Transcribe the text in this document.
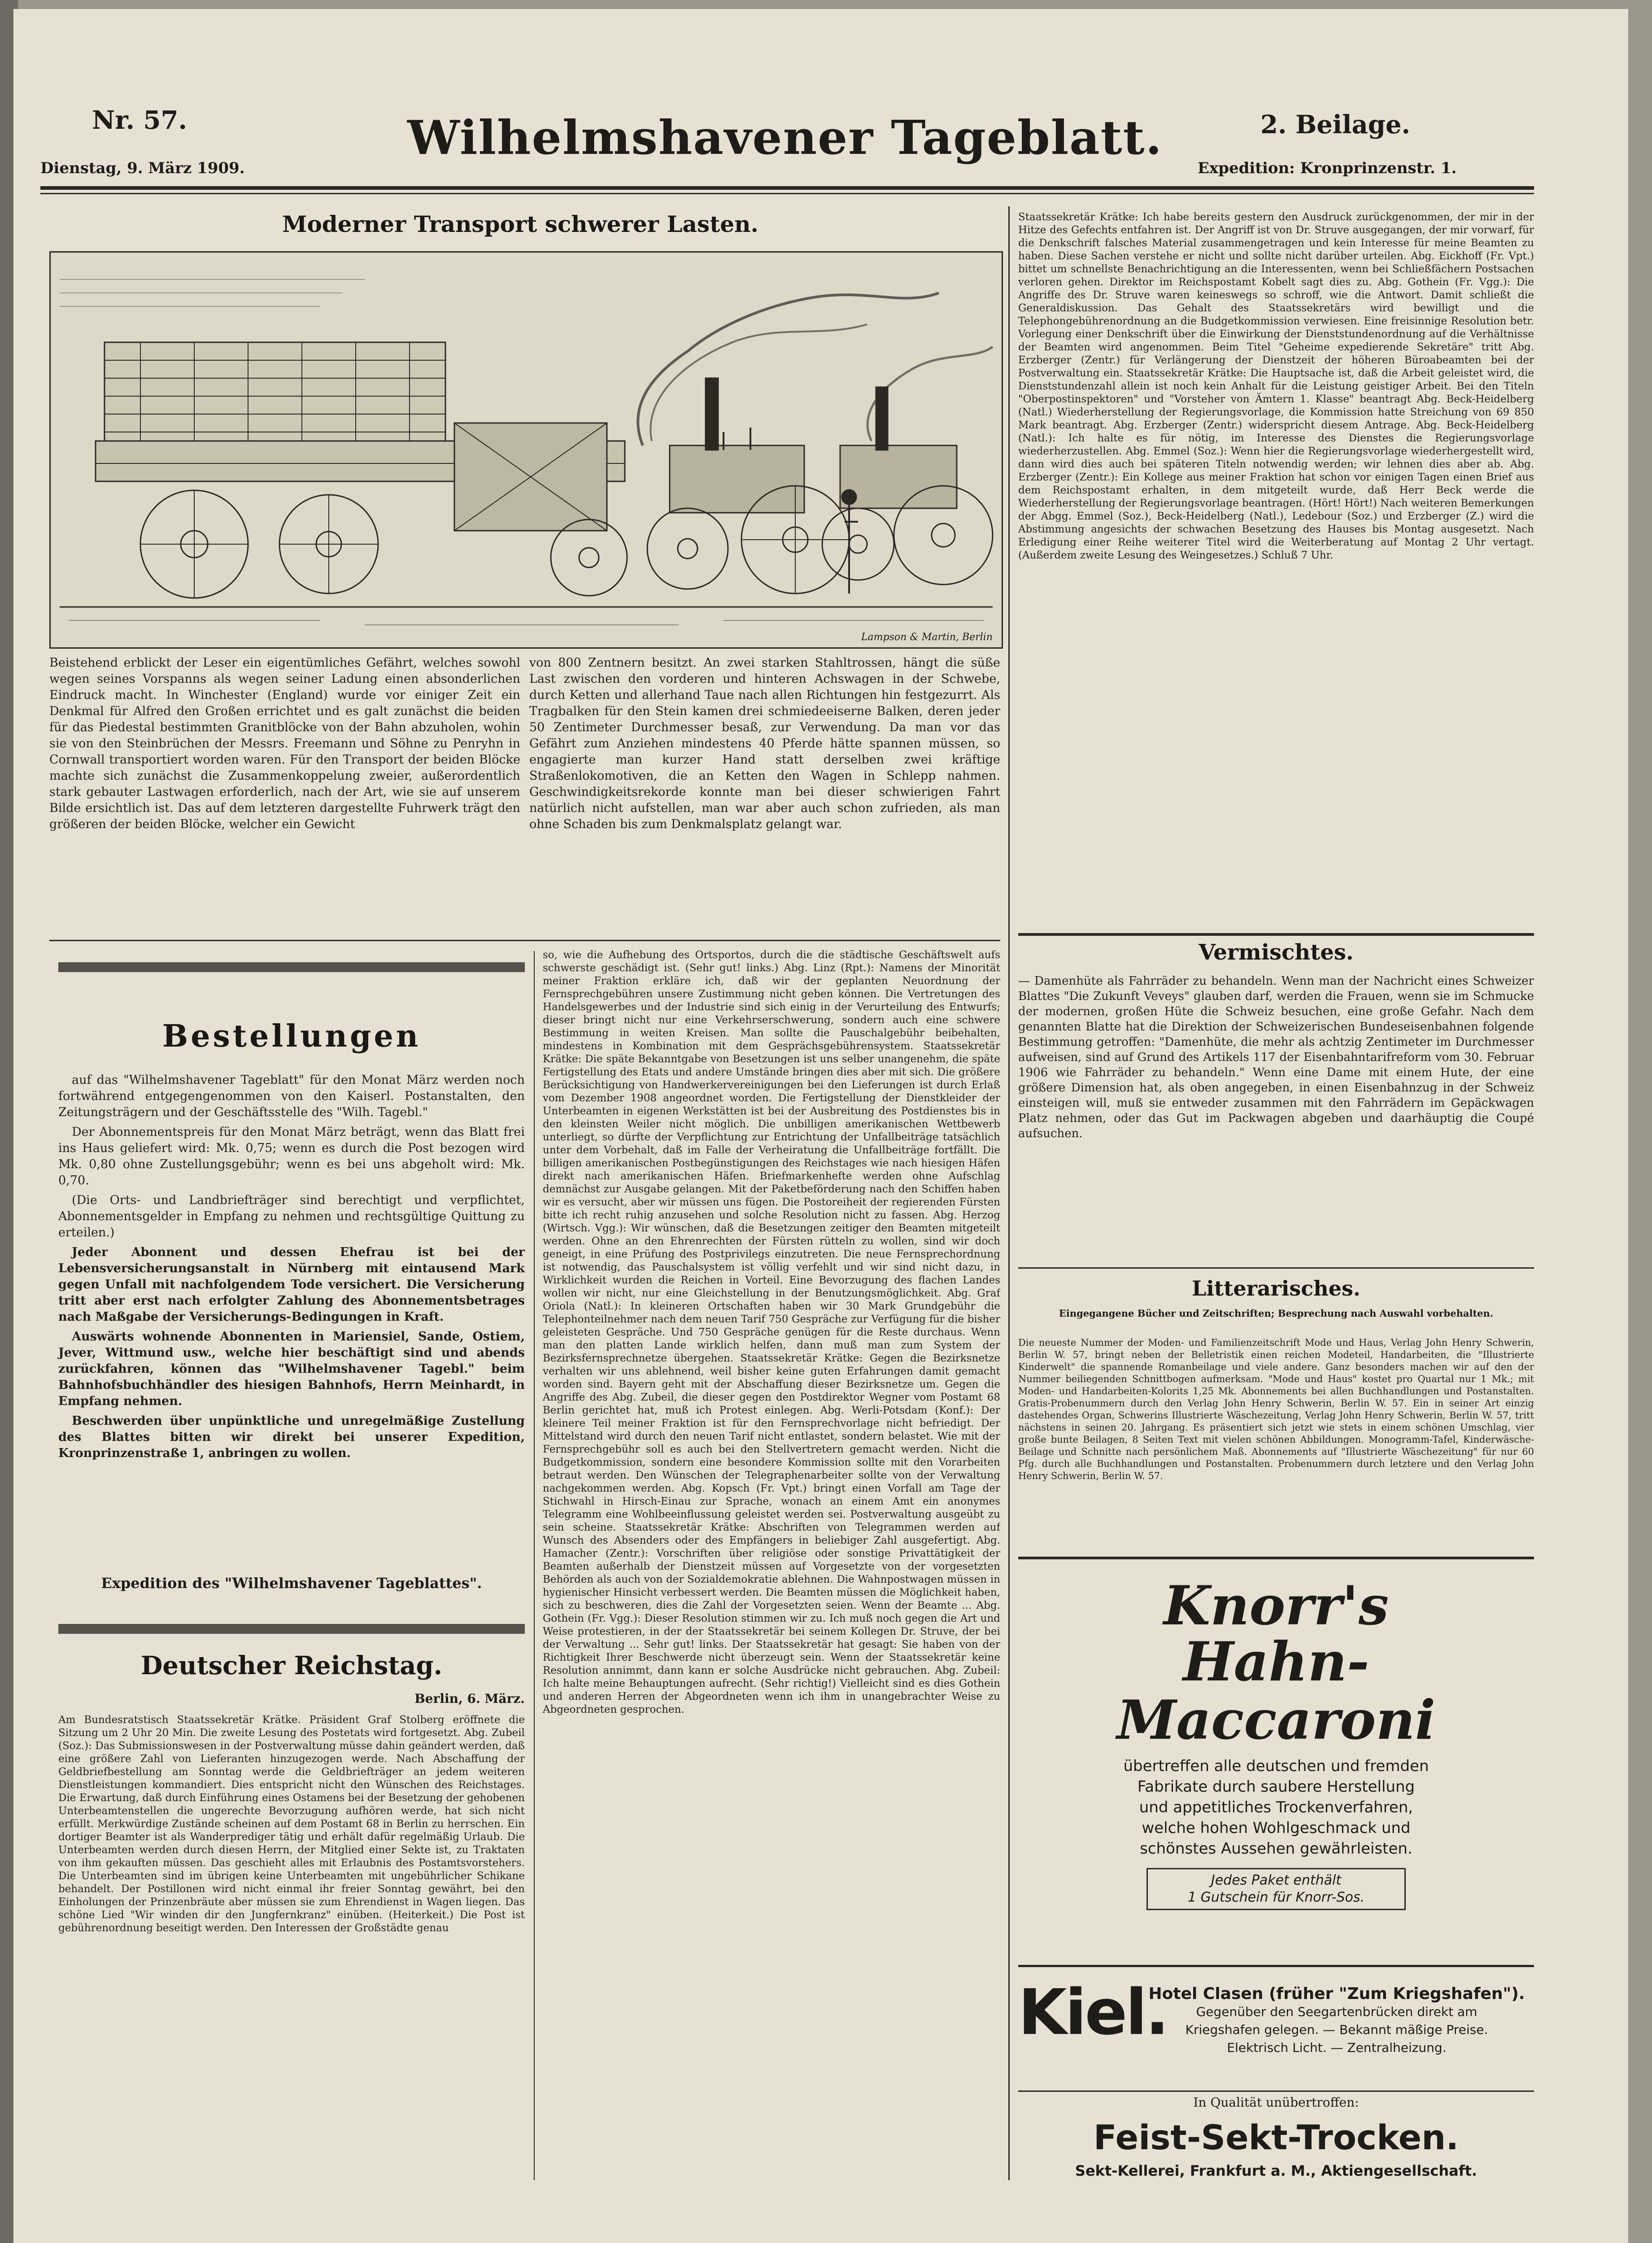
Nr. 57.
Dienstag, 9. März 1909.
Wilhelmshavener Tageblatt.	2. Beilage.
Expedition: Kronprinzenstr. 1.
Moderner Transport schwerer Lasten.
Lampson & Martin, Berlin
Beistehend erblickt der Leser ein eigentümliches Gefährt, welches sowohl wegen seines Vorspanns als wegen seiner Ladung einen absonderlichen Eindruck macht. In Winchester (England) wurde vor einiger Zeit ein Denkmal für Alfred den Großen errichtet und es galt zunächst die beiden für das Piedestal bestimmten Granitblöcke von der Bahn abzuholen, wohin sie von den Steinbrüchen der Messrs. Freemann und Söhne zu Penryhn in Cornwall transportiert worden waren. Für den Transport der beiden Blöcke machte sich zunächst die Zusammenkoppelung zweier, außerordentlich stark gebauter Lastwagen erforderlich, nach der Art, wie sie auf unserem Bilde ersichtlich ist. Das auf dem letzteren dargestellte Fuhrwerk trägt den größeren der beiden Blöcke, welcher ein Gewicht
von 800 Zentnern besitzt. An zwei starken Stahltrossen, hängt die süße Last zwischen den vorderen und hinteren Achswagen in der Schwebe, durch Ketten und allerhand Taue nach allen Richtungen hin festgezurrt. Als Tragbalken für den Stein kamen drei schmiedeeiserne Balken, deren jeder 50 Zentimeter Durchmesser besaß, zur Verwendung. Da man vor das Gefährt zum Anziehen mindestens 40 Pferde hätte spannen müssen, so engagierte man kurzer Hand statt derselben zwei kräftige Straßenlokomotiven, die an Ketten den Wagen in Schlepp nahmen. Geschwindigkeitsrekorde konnte man bei dieser schwierigen Fahrt natürlich nicht aufstellen, man war aber auch schon zufrieden, als man ohne Schaden bis zum Denkmalsplatz gelangt war.
Bestellungen

auf das "Wilhelmshavener Tageblatt" für den Monat März werden noch fortwährend entgegengenommen von den Kaiserl. Postanstalten, den Zeitungsträgern und der Geschäftsstelle des "Wilh. Tagebl."

Der Abonnementspreis für den Monat März beträgt, wenn das Blatt frei ins Haus geliefert wird: Mk. 0,75; wenn es durch die Post bezogen wird Mk. 0,80 ohne Zustellungsgebühr; wenn es bei uns abgeholt wird: Mk. 0,70.

(Die Orts- und Landbriefträger sind berechtigt und verpflichtet, Abonnementsgelder in Empfang zu nehmen und rechtsgültige Quittung zu erteilen.)

Jeder Abonnent und dessen Ehefrau ist bei der Lebensversicherungsanstalt in Nürnberg mit eintausend Mark gegen Unfall mit nachfolgendem Tode versichert. Die Versicherung tritt aber erst nach erfolgter Zahlung des Abonnementsbetrages nach Maßgabe der Versicherungs-Bedingungen in Kraft.

Auswärts wohnende Abonnenten in Mariensiel, Sande, Ostiem, Jever, Wittmund usw., welche hier beschäftigt sind und abends zurückfahren, können das "Wilhelmshavener Tagebl." beim Bahnhofsbuchhändler des hiesigen Bahnhofs, Herrn Meinhardt, in Empfang nehmen.

Beschwerden über unpünktliche und unregelmäßige Zustellung des Blattes bitten wir direkt bei unserer Expedition, Kronprinzenstraße 1, anbringen zu wollen.

Expedition des "Wilhelmshavener Tageblattes".
Deutscher Reichstag.
Berlin, 6. März.
Am Bundesratstisch Staatssekretär Krätke. Präsident Graf Stolberg eröffnete die Sitzung um 2 Uhr 20 Min. Die zweite Lesung des Postetats wird fortgesetzt. Abg. Zubeil (Soz.): Das Submissionswesen in der Postverwaltung müsse dahin geändert werden, daß eine größere Zahl von Lieferanten hinzugezogen werde. Nach Abschaffung der Geldbriefbestellung am Sonntag werde die Geldbriefträger an jedem weiteren Dienstleistungen kommandiert. Dies entspricht nicht den Wünschen des Reichstages. Die Erwartung, daß durch Einführung eines Ostamens bei der Besetzung der gehobenen Unterbeamtenstellen die ungerechte Bevorzugung aufhören werde, hat sich nicht erfüllt. Merkwürdige Zustände scheinen auf dem Postamt 68 in Berlin zu herrschen. Ein dortiger Beamter ist als Wanderprediger tätig und erhält dafür regelmäßig Urlaub. Die Unterbeamten werden durch diesen Herrn, der Mitglied einer Sekte ist, zu Traktaten von ihm gekauften müssen. Das geschieht alles mit Erlaubnis des Postamtsvorstehers. Die Unterbeamten sind im übrigen keine Unterbeamten mit ungebührlicher Schikane behandelt. Der Postillonen wird nicht einmal ihr freier Sonntag gewährt, bei den Einholungen der Prinzenbräute aber müssen sie zum Ehrendienst in Wagen liegen. Das schöne Lied "Wir winden dir den Jungfernkranz" einüben. (Heiterkeit.) Die Post ist gebührenordnung beseitigt werden. Den Interessen der Großstädte genau
so, wie die Aufhebung des Ortsportos, durch die die städtische Geschäftswelt aufs schwerste geschädigt ist. (Sehr gut! links.) Abg. Linz (Rpt.): Namens der Minorität meiner Fraktion erkläre ich, daß wir der geplanten Neuordnung der Fernsprechgebühren unsere Zustimmung nicht geben können. Die Vertretungen des Handelsgewerbes und der Industrie sind sich einig in der Verurteilung des Entwurfs; dieser bringt nicht nur eine Verkehrserschwerung, sondern auch eine schwere Bestimmung in weiten Kreisen. Man sollte die Pauschalgebühr beibehalten, mindestens in Kombination mit dem Gesprächsgebührensystem. Staatssekretär Krätke: Die späte Bekanntgabe von Besetzungen ist uns selber unangenehm, die späte Fertigstellung des Etats und andere Umstände bringen dies aber mit sich. Die größere Berücksichtigung von Handwerkervereinigungen bei den Lieferungen ist durch Erlaß vom Dezember 1908 angeordnet worden. Die Fertigstellung der Dienstkleider der Unterbeamten in eigenen Werkstätten ist bei der Ausbreitung des Postdienstes bis in den kleinsten Weiler nicht möglich. Die unbilligen amerikanischen Wettbewerb unterliegt, so dürfte der Verpflichtung zur Entrichtung der Unfallbeiträge tatsächlich unter dem Vorbehalt, daß im Falle der Verheiratung die Unfallbeiträge fortfällt. Die billigen amerikanischen Postbegünstigungen des Reichstages wie nach hiesigen Häfen direkt nach amerikanischen Häfen. Briefmarkenhefte werden ohne Aufschlag demnächst zur Ausgabe gelangen. Mit der Paketbeförderung nach den Schiffen haben wir es versucht, aber wir müssen uns fügen. Die Postoreiheit der regierenden Fürsten bitte ich recht ruhig anzusehen und solche Resolution nicht zu fassen. Abg. Herzog (Wirtsch. Vgg.): Wir wünschen, daß die Besetzungen zeitiger den Beamten mitgeteilt werden. Ohne an den Ehrenrechten der Fürsten rütteln zu wollen, sind wir doch geneigt, in eine Prüfung des Postprivilegs einzutreten. Die neue Fernsprechordnung ist notwendig, das Pauschalsystem ist völlig verfehlt und wir sind nicht dazu, in Wirklichkeit wurden die Reichen in Vorteil. Eine Bevorzugung des flachen Landes wollen wir nicht, nur eine Gleichstellung in der Benutzungsmöglichkeit. Abg. Graf Oriola (Natl.): In kleineren Ortschaften haben wir 30 Mark Grundgebühr die Telephonteilnehmer nach dem neuen Tarif 750 Gespräche zur Verfügung für die bisher geleisteten Gespräche. Und 750 Gespräche genügen für die Reste durchaus. Wenn man den platten Lande wirklich helfen, dann muß man zum System der Bezirksfernsprechnetze übergehen. Staatssekretär Krätke: Gegen die Bezirksnetze verhalten wir uns ablehnend, weil bisher keine guten Erfahrungen damit gemacht worden sind. Bayern geht mit der Abschaffung dieser Bezirksnetze um. Gegen die Angriffe des Abg. Zubeil, die dieser gegen den Postdirektor Wegner vom Postamt 68 Berlin gerichtet hat, muß ich Protest einlegen. Abg. Werli-Potsdam (Konf.): Der kleinere Teil meiner Fraktion ist für den Fernsprechvorlage nicht befriedigt. Der Mittelstand wird durch den neuen Tarif nicht entlastet, sondern belastet. Wie mit der Fernsprechgebühr soll es auch bei den Stellvertretern gemacht werden. Nicht die Budgetkommission, sondern eine besondere Kommission sollte mit den Vorarbeiten betraut werden. Den Wünschen der Telegraphenarbeiter sollte von der Verwaltung nachgekommen werden. Abg. Kopsch (Fr. Vpt.) bringt einen Vorfall am Tage der Stichwahl in Hirsch-Einau zur Sprache, wonach an einem Amt ein anonymes Telegramm eine Wohlbeeinflussung geleistet werden sei. Postverwaltung ausgeübt zu sein scheine. Staatssekretär Krätke: Abschriften von Telegrammen werden auf Wunsch des Absenders oder des Empfängers in beliebiger Zahl ausgefertigt. Abg. Hamacher (Zentr.): Vorschriften über religiöse oder sonstige Privattätigkeit der Beamten außerhalb der Dienstzeit müssen auf Vorgesetzte von der vorgesetzten Behörden als auch von der Sozialdemokratie ablehnen. Die Wahnpostwagen müssen in hygienischer Hinsicht verbessert werden. Die Beamten müssen die Möglichkeit haben, sich zu beschweren, dies die Zahl der Vorgesetzten seien. Wenn der Beamte ... Abg. Gothein (Fr. Vgg.): Dieser Resolution stimmen wir zu. Ich muß noch gegen die Art und Weise protestieren, in der der Staatssekretär bei seinem Kollegen Dr. Struve, der bei der Verwaltung ... Sehr gut! links. Der Staatssekretär hat gesagt: Sie haben von der Richtigkeit Ihrer Beschwerde nicht überzeugt sein. Wenn der Staatssekretär keine Resolution annimmt, dann kann er solche Ausdrücke nicht gebrauchen. Abg. Zubeil: Ich halte meine Behauptungen aufrecht. (Sehr richtig!) Vielleicht sind es dies Gothein und anderen Herren der Abgeordneten wenn ich ihm in unangebrachter Weise zu Abgeordneten gesprochen.
Staatssekretär Krätke: Ich habe bereits gestern den Ausdruck zurückgenommen, der mir in der Hitze des Gefechts entfahren ist. Der Angriff ist von Dr. Struve ausgegangen, der mir vorwarf, für die Denkschrift falsches Material zusammengetragen und kein Interesse für meine Beamten zu haben. Diese Sachen verstehe er nicht und sollte nicht darüber urteilen. Abg. Eickhoff (Fr. Vpt.) bittet um schnellste Benachrichtigung an die Interessenten, wenn bei Schließfächern Postsachen verloren gehen. Direktor im Reichspostamt Kobelt sagt dies zu. Abg. Gothein (Fr. Vgg.): Die Angriffe des Dr. Struve waren keineswegs so schroff, wie die Antwort. Damit schließt die Generaldiskussion. Das Gehalt des Staatssekretärs wird bewilligt und die Telephongebührenordnung an die Budgetkommission verwiesen. Eine freisinnige Resolution betr. Vorlegung einer Denkschrift über die Einwirkung der Dienststundenordnung auf die Verhältnisse der Beamten wird angenommen. Beim Titel "Geheime expedierende Sekretäre" tritt Abg. Erzberger (Zentr.) für Verlängerung der Dienstzeit der höheren Büroabeamten bei der Postverwaltung ein. Staatssekretär Krätke: Die Hauptsache ist, daß die Arbeit geleistet wird, die Dienststundenzahl allein ist noch kein Anhalt für die Leistung geistiger Arbeit. Bei den Titeln "Oberpostinspektoren" und "Vorsteher von Ämtern 1. Klasse" beantragt Abg. Beck-Heidelberg (Natl.) Wiederherstellung der Regierungsvorlage, die Kommission hatte Streichung von 69 850 Mark beantragt. Abg. Erzberger (Zentr.) widerspricht diesem Antrage. Abg. Beck-Heidelberg (Natl.): Ich halte es für nötig, im Interesse des Dienstes die Regierungsvorlage wiederherzustellen. Abg. Emmel (Soz.): Wenn hier die Regierungsvorlage wiederhergestellt wird, dann wird dies auch bei späteren Titeln notwendig werden; wir lehnen dies aber ab. Abg. Erzberger (Zentr.): Ein Kollege aus meiner Fraktion hat schon vor einigen Tagen einen Brief aus dem Reichspostamt erhalten, in dem mitgeteilt wurde, daß Herr Beck werde die Wiederherstellung der Regierungsvorlage beantragen. (Hört! Hört!) Nach weiteren Bemerkungen der Abgg. Emmel (Soz.), Beck-Heidelberg (Natl.), Ledebour (Soz.) und Erzberger (Z.) wird die Abstimmung angesichts der schwachen Besetzung des Hauses bis Montag ausgesetzt. Nach Erledigung einer Reihe weiterer Titel wird die Weiterberatung auf Montag 2 Uhr vertagt. (Außerdem zweite Lesung des Weingesetzes.) Schluß 7 Uhr.
Vermischtes.
— Damenhüte als Fahrräder zu behandeln. Wenn man der Nachricht eines Schweizer Blattes "Die Zukunft Veveys" glauben darf, werden die Frauen, wenn sie im Schmucke der modernen, großen Hüte die Schweiz besuchen, eine große Gefahr. Nach dem genannten Blatte hat die Direktion der Schweizerischen Bundeseisenbahnen folgende Bestimmung getroffen: "Damenhüte, die mehr als achtzig Zentimeter im Durchmesser aufweisen, sind auf Grund des Artikels 117 der Eisenbahntarifreform vom 30. Februar 1906 wie Fahrräder zu behandeln." Wenn eine Dame mit einem Hute, der eine größere Dimension hat, als oben angegeben, in einen Eisenbahnzug in der Schweiz einsteigen will, muß sie entweder zusammen mit den Fahrrädern im Gepäckwagen Platz nehmen, oder das Gut im Packwagen abgeben und daarhäuptig die Coupé aufsuchen.
Litterarisches.
Eingegangene Bücher und Zeitschriften; Besprechung nach Auswahl vorbehalten.
Die neueste Nummer der Moden- und Familienzeitschrift Mode und Haus, Verlag John Henry Schwerin, Berlin W. 57, bringt neben der Belletristik einen reichen Modeteil, Handarbeiten, die "Illustrierte Kinderwelt" die spannende Romanbeilage und viele andere. Ganz besonders machen wir auf den der Nummer beiliegenden Schnittbogen aufmerksam. "Mode und Haus" kostet pro Quartal nur 1 Mk.; mit Moden- und Handarbeiten-Kolorits 1,25 Mk. Abonnements bei allen Buchhandlungen und Postanstalten. Gratis-Probenummern durch den Verlag John Henry Schwerin, Berlin W. 57. Ein in seiner Art einzig dastehendes Organ, Schwerins Illustrierte Wäschezeitung, Verlag John Henry Schwerin, Berlin W. 57, tritt nächstens in seinen 20. Jahrgang. Es präsentiert sich jetzt wie stets in einem schönen Umschlag, vier große bunte Beilagen, 8 Seiten Text mit vielen schönen Abbildungen. Monogramm-Tafel, Kinderwäsche-Beilage und Schnitte nach persönlichem Maß. Abonnements auf "Illustrierte Wäschezeitung" für nur 60 Pfg. durch alle Buchhandlungen und Postanstalten. Probenummern durch letztere und den Verlag John Henry Schwerin, Berlin W. 57.
Knorr's
Hahn-
Maccaroni
übertreffen alle deutschen und fremden
Fabrikate durch saubere Herstellung
und appetitliches Trockenverfahren,
welche hohen Wohlgeschmack und
schönstes Aussehen gewährleisten.
Jedes Paket enthält
1 Gutschein für Knorr-Sos.
Kiel.
Hotel Clasen (früher "Zum Kriegshafen").
Gegenüber den Seegartenbrücken direkt am
Kriegshafen gelegen. — Bekannt mäßige Preise.
Elektrisch Licht. — Zentralheizung.
In Qualität unübertroffen:
Feist-Sekt-Trocken.
Sekt-Kellerei, Frankfurt a. M., Aktiengesellschaft.
